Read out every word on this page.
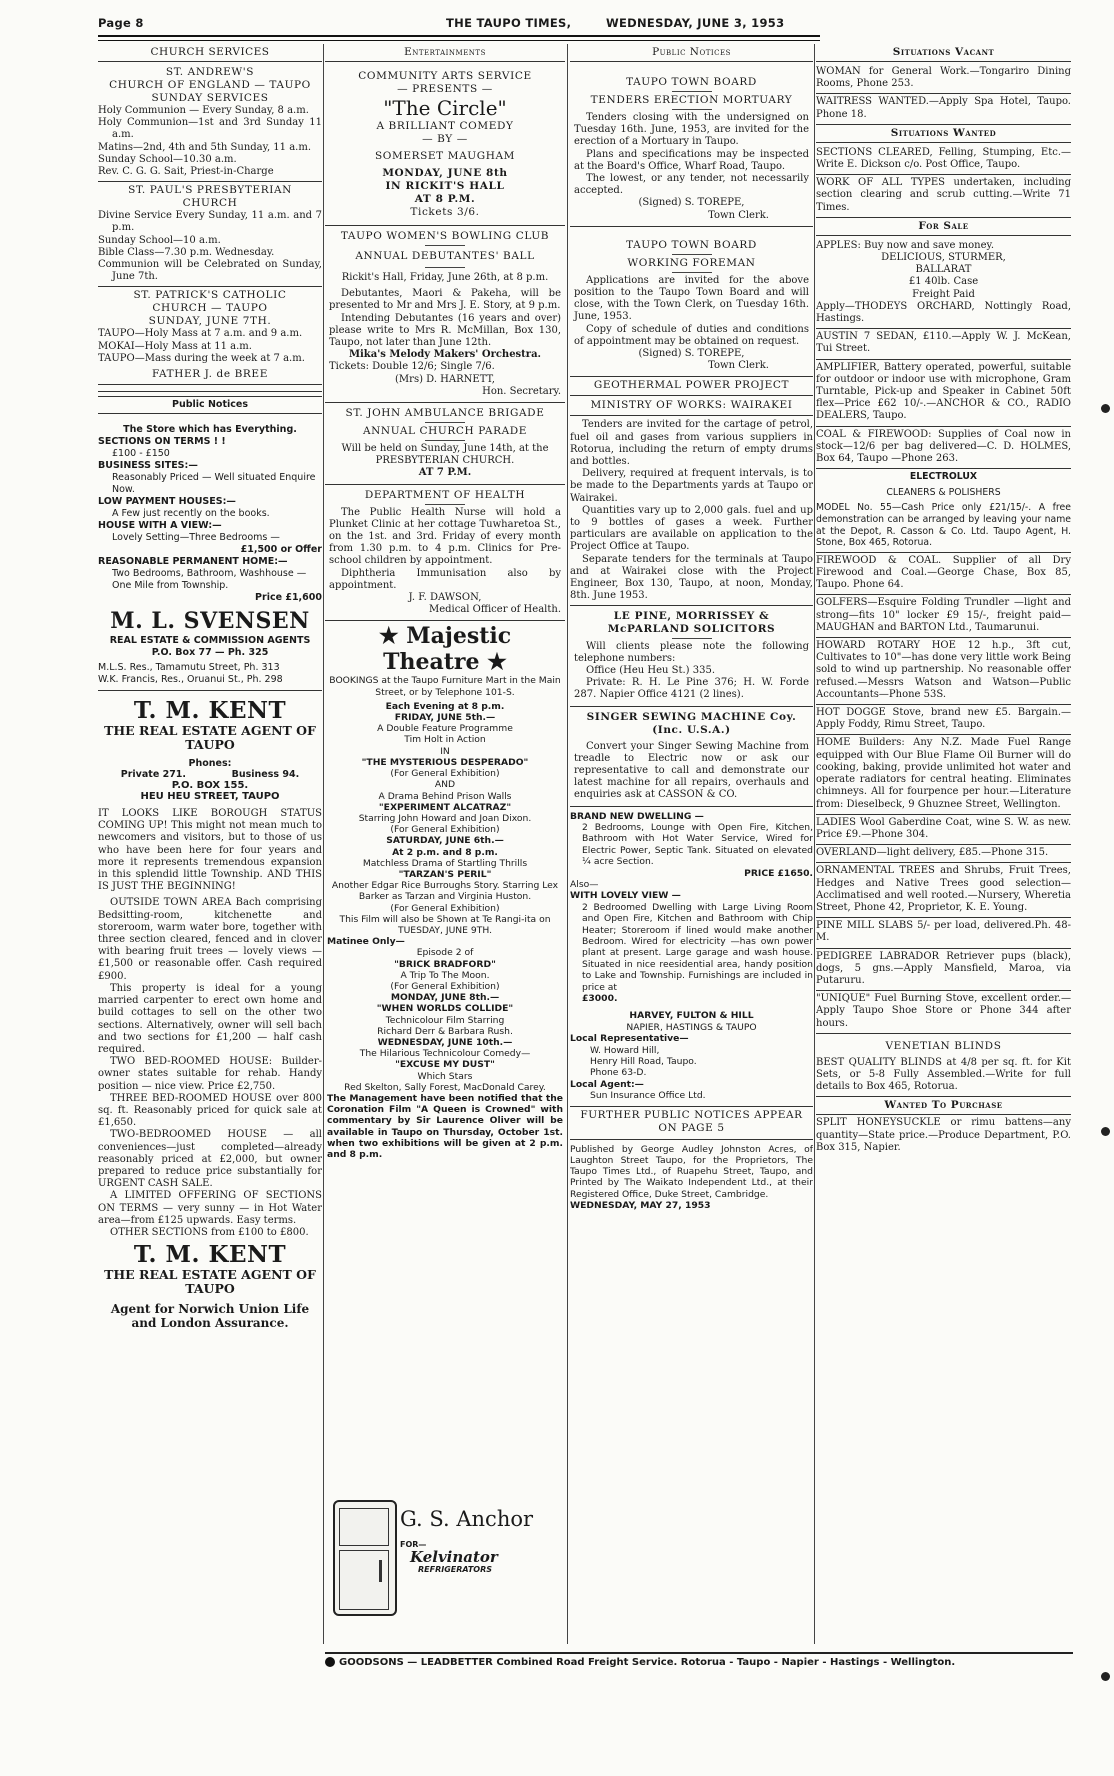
Page 8	THE TAUPO TIMES,	WEDNESDAY, JUNE 3, 1953
CHURCH SERVICES
ST. ANDREW'S
CHURCH OF ENGLAND — TAUPO
SUNDAY SERVICES
Holy Communion — Every Sunday, 8 a.m.
Holy Communion—1st and 3rd Sunday 11 a.m.
Matins—2nd, 4th and 5th Sunday, 11 a.m.
Sunday School—10.30 a.m.
Rev. C. G. G. Sait, Priest-in-Charge
ST. PAUL'S PRESBYTERIAN
CHURCH
Divine Service Every Sunday, 11 a.m. and 7 p.m.
Sunday School—10 a.m.
Bible Class—7.30 p.m. Wednesday.
Communion will be Celebrated on Sunday, June 7th.
ST. PATRICK'S CATHOLIC
CHURCH — TAUPO
SUNDAY, JUNE 7TH.
TAUPO—Holy Mass at 7 a.m. and 9 a.m.
MOKAI—Holy Mass at 11 a.m.
TAUPO—Mass during the week at 7 a.m.
FATHER J. de BREE
Public Notices
The Store which has Everything.
SECTIONS ON TERMS ! !
£100 - £150
BUSINESS SITES:—
Reasonably Priced — Well situated Enquire Now.
LOW PAYMENT HOUSES:—
A Few just recently on the books.
HOUSE WITH A VIEW:—
Lovely Setting—Three Bedrooms —
£1,500 or Offer
REASONABLE PERMANENT HOME:—
Two Bedrooms, Bathroom, Washhouse — One Mile from Township.
Price £1,600
M. L. SVENSEN
REAL ESTATE & COMMISSION AGENTS
P.O. Box 77 — Ph. 325
M.L.S. Res., Tamamutu Street, Ph. 313
W.K. Francis, Res., Oruanui St., Ph. 298
T. M. KENT
THE REAL ESTATE AGENT OF TAUPO
Phones:
Private 271.	Business 94.
P.O. BOX 155.
HEU HEU STREET, TAUPO
IT LOOKS LIKE BOROUGH STATUS COMING UP! This might not mean much to newcomers and visitors, but to those of us who have been here for four years and more it represents tremendous expansion in this splendid little Township. AND THIS IS JUST THE BEGINNING!
OUTSIDE TOWN AREA Bach comprising Bedsitting-room, kitchenette and storeroom, warm water bore, together with three section cleared, fenced and in clover with bearing fruit trees — lovely views — £1,500 or reasonable offer. Cash required £900.
This property is ideal for a young married carpenter to erect own home and build cottages to sell on the other two sections. Alternatively, owner will sell bach and two sections for £1,200 — half cash required.
TWO BED-ROOMED HOUSE: Builder-owner states suitable for rehab. Handy position — nice view. Price £2,750.
THREE BED-ROOMED HOUSE over 800 sq. ft. Reasonably priced for quick sale at £1,650.
TWO-BEDROOMED HOUSE — all conveniences—just completed—already reasonably priced at £2,000, but owner prepared to reduce price substantially for URGENT CASH SALE.
A LIMITED OFFERING OF SECTIONS ON TERMS — very sunny — in Hot Water area—from £125 upwards. Easy terms.
OTHER SECTIONS from £100 to £800.
T. M. KENT
THE REAL ESTATE AGENT OF TAUPO
Agent for Norwich Union Life and London Assurance.
Entertainments
COMMUNITY ARTS SERVICE
— PRESENTS —
"The Circle"
A BRILLIANT COMEDY
— BY —
SOMERSET MAUGHAM
MONDAY, JUNE 8th
IN RICKIT'S HALL
AT 8 P.M.
Tickets 3/6.
TAUPO WOMEN'S BOWLING CLUB
ANNUAL DEBUTANTES' BALL
Rickit's Hall, Friday, June 26th, at 8 p.m.
Debutantes, Maori & Pakeha, will be presented to Mr and Mrs J. E. Story, at 9 p.m.
Intending Debutantes (16 years and over) please write to Mrs R. McMillan, Box 130, Taupo, not later than June 12th.
Mika's Melody Makers' Orchestra.
Tickets: Double 12/6; Single 7/6.
(Mrs) D. HARNETT,
Hon. Secretary.
ST. JOHN AMBULANCE BRIGADE
ANNUAL CHURCH PARADE
Will be held on Sunday, June 14th, at the PRESBYTERIAN CHURCH.
AT 7 P.M.
DEPARTMENT OF HEALTH
The Public Health Nurse will hold a Plunket Clinic at her cottage Tuwharetoa St., on the 1st. and 3rd. Friday of every month from 1.30 p.m. to 4 p.m. Clinics for Pre-school children by appointment.
Diphtheria Immunisation also by appointment.
J. F. DAWSON,
Medical Officer of Health.
★ Majestic Theatre ★
BOOKINGS at the Taupo Furniture Mart in the Main Street, or by Telephone 101-S.
Each Evening at 8 p.m.
FRIDAY, JUNE 5th.—
A Double Feature Programme
Tim Holt in Action
IN
"THE MYSTERIOUS DESPERADO"
(For General Exhibition)
AND
A Drama Behind Prison Walls
"EXPERIMENT ALCATRAZ"
Starring John Howard and Joan Dixon.
(For General Exhibition)
SATURDAY, JUNE 6th.—
At 2 p.m. and 8 p.m.
Matchless Drama of Startling Thrills
"TARZAN'S PERIL"
Another Edgar Rice Burroughs Story. Starring Lex Barker as Tarzan and Virginia Huston.
(For General Exhibition)
This Film will also be Shown at Te Rangi-ita on TUESDAY, JUNE 9TH.
Matinee Only—
Episode 2 of
"BRICK BRADFORD"
A Trip To The Moon.
(For General Exhibition)
MONDAY, JUNE 8th.—
"WHEN WORLDS COLLIDE"
Technicolour Film Starring
Richard Derr & Barbara Rush.
WEDNESDAY, JUNE 10th.—
The Hilarious Technicolour Comedy—
"EXCUSE MY DUST"
Which Stars
Red Skelton, Sally Forest, MacDonald Carey.
The Management have been notified that the Coronation Film "A Queen is Crowned" with commentary by Sir Laurence Oliver will be available in Taupo on Thursday, October 1st. when two exhibitions will be given at 2 p.m. and 8 p.m.
G. S. Anchor
FOR—
Kelvinator
REFRIGERATORS
Public Notices
TAUPO TOWN BOARD
TENDERS ERECTION MORTUARY
Tenders closing with the undersigned on Tuesday 16th. June, 1953, are invited for the erection of a Mortuary in Taupo.
Plans and specifications may be inspected at the Board's Office, Wharf Road, Taupo.
The lowest, or any tender, not necessarily accepted.
(Signed) S. TOREPE,
Town Clerk.
TAUPO TOWN BOARD
WORKING FOREMAN
Applications are invited for the above position to the Taupo Town Board and will close, with the Town Clerk, on Tuesday 16th. June, 1953.
Copy of schedule of duties and conditions of appointment may be obtained on request.
(Signed) S. TOREPE,
Town Clerk.
GEOTHERMAL POWER PROJECT
MINISTRY OF WORKS: WAIRAKEI
Tenders are invited for the cartage of petrol, fuel oil and gases from various suppliers in Rotorua, including the return of empty drums and bottles.
Delivery, required at frequent intervals, is to be made to the Departments yards at Taupo or Wairakei.
Quantities vary up to 2,000 gals. fuel and up to 9 bottles of gases a week. Further particulars are available on application to the Project Office at Taupo.
Separate tenders for the terminals at Taupo and at Wairakei close with the Project Engineer, Box 130, Taupo, at noon, Monday, 8th. June 1953.
LE PINE, MORRISSEY & McPARLAND SOLICITORS
Will clients please note the following telephone numbers:
Office (Heu Heu St.) 335.
Private: R. H. Le Pine 376; H. W. Forde 287. Napier Office 4121 (2 lines).
SINGER SEWING MACHINE Coy.
(Inc. U.S.A.)
Convert your Singer Sewing Machine from treadle to Electric now or ask our representative to call and demonstrate our latest machine for all repairs, overhauls and enquiries ask at CASSON & CO.
BRAND NEW DWELLING —
2 Bedrooms, Lounge with Open Fire, Kitchen, Bathroom with Hot Water Service, Wired for Electric Power, Septic Tank. Situated on elevated ¼ acre Section.
PRICE £1650.
Also—
WITH LOVELY VIEW —
2 Bedroomed Dwelling with Large Living Room and Open Fire, Kitchen and Bathroom with Chip Heater; Storeroom if lined would make another Bedroom. Wired for electricity —has own power plant at present. Large garage and wash house. Situated in nice reesidential area, handy position to Lake and Township. Furnishings are included in price at
£3000.
HARVEY, FULTON & HILL
NAPIER, HASTINGS & TAUPO
Local Representative—
W. Howard Hill,
Henry Hill Road, Taupo.
Phone 63-D.
Local Agent:—
Sun Insurance Office Ltd.
FURTHER PUBLIC NOTICES APPEAR ON PAGE 5
Published by George Audley Johnston Acres, of Laughton Street Taupo, for the Proprietors, The Taupo Times Ltd., of Ruapehu Street, Taupo, and Printed by The Waikato Independent Ltd., at their Registered Office, Duke Street, Cambridge.
WEDNESDAY, MAY 27, 1953
Situations Vacant
WOMAN for General Work.—Tongariro Dining Rooms, Phone 253.
WAITRESS WANTED.—Apply Spa Hotel, Taupo. Phone 18.
Situations Wanted
SECTIONS CLEARED, Felling, Stumping, Etc.—Write E. Dickson c/o. Post Office, Taupo.
WORK OF ALL TYPES undertaken, including section clearing and scrub cutting.—Write 71 Times.
For Sale
APPLES: Buy now and save money.
DELICIOUS, STURMER,
BALLARAT
£1 40lb. Case
Freight Paid
Apply—THODEYS ORCHARD, Nottingly Road, Hastings.
AUSTIN 7 SEDAN, £110.—Apply W. J. McKean, Tui Street.
AMPLIFIER, Battery operated, powerful, suitable for outdoor or indoor use with microphone, Gram Turntable, Pick-up and Speaker in Cabinet 50ft flex—Price £62 10/-.—ANCHOR & CO., RADIO DEALERS, Taupo.
COAL & FIREWOOD: Supplies of Coal now in stock—12/6 per bag delivered—C. D. HOLMES, Box 64, Taupo —Phone 263.
ELECTROLUX
CLEANERS & POLISHERS
MODEL No. 55—Cash Price only £21/15/-. A free demonstration can be arranged by leaving your name at the Depot, R. Casson & Co. Ltd. Taupo Agent, H. Stone, Box 465, Rotorua.
FIREWOOD & COAL. Supplier of all Dry Firewood and Coal.—George Chase, Box 85, Taupo. Phone 64.
GOLFERS—Esquire Folding Trundler —light and strong—fits 10" locker £9 15/-, freight paid—MAUGHAN and BARTON Ltd., Taumarunui.
HOWARD ROTARY HOE 12 h.p., 3ft cut, Cultivates to 10"—has done very little work Being sold to wind up partnership. No reasonable offer refused.—Messrs Watson and Watson—Public Accountants—Phone 53S.
HOT DOGGE Stove, brand new £5. Bargain.—Apply Foddy, Rimu Street, Taupo.
HOME Builders: Any N.Z. Made Fuel Range equipped with Our Blue Flame Oil Burner will do cooking, baking, provide unlimited hot water and operate radiators for central heating. Eliminates chimneys. All for fourpence per hour.—Literature from: Dieselbeck, 9 Ghuznee Street, Wellington.
LADIES Wool Gaberdine Coat, wine S. W. as new. Price £9.—Phone 304.
OVERLAND—light delivery, £85.—Phone 315.
ORNAMENTAL TREES and Shrubs, Fruit Trees, Hedges and Native Trees good selection—Acclimatised and well rooted.—Nursery, Wheretia Street, Phone 42, Proprietor, K. E. Young.
PINE MILL SLABS 5/- per load, delivered.Ph. 48-M.
PEDIGREE LABRADOR Retriever pups (black), dogs, 5 gns.—Apply Mansfield, Maroa, via Putaruru.
"UNIQUE" Fuel Burning Stove, excellent order.—Apply Taupo Shoe Store or Phone 344 after hours.
VENETIAN BLINDS
BEST QUALITY BLINDS at 4/8 per sq. ft. for Kit Sets, or 5-8 Fully Assembled.—Write for full details to Box 465, Rotorua.
Wanted To Purchase
SPLIT HONEYSUCKLE or rimu battens—any quantity—State price.—Produce Department, P.O. Box 315, Napier.
GOODSONS — LEADBETTER Combined Road Freight Service. Rotorua - Taupo - Napier - Hastings - Wellington.
